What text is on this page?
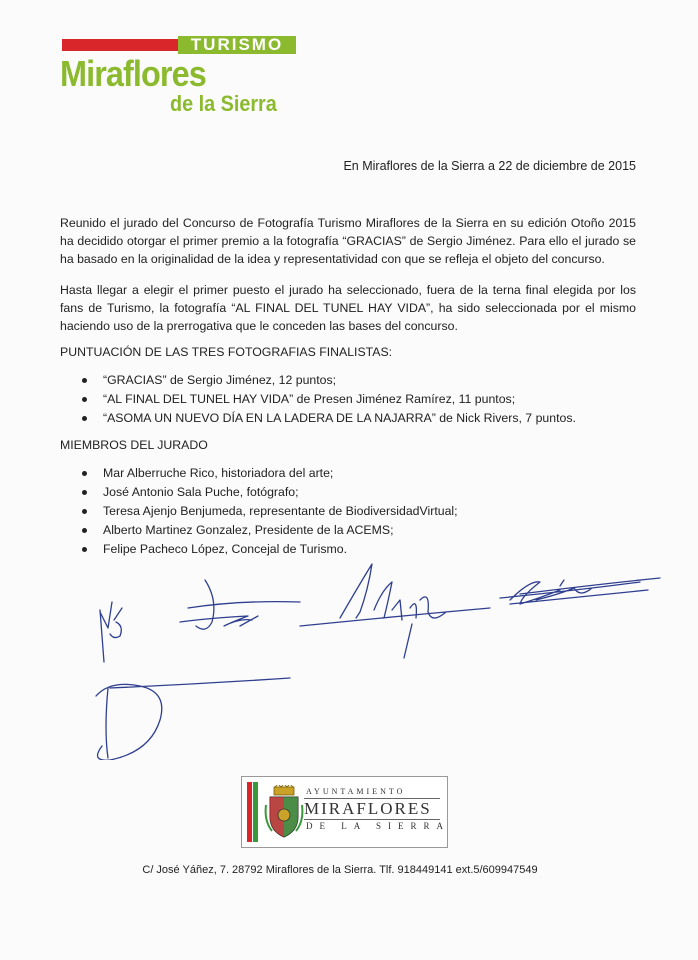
TURISMO
Miraflores
de la Sierra
En Miraflores de la Sierra a 22 de diciembre de 2015

Reunido el jurado del Concurso de Fotografía Turismo Miraflores de la Sierra en su edición Otoño 2015 ha decidido otorgar el primer premio a la fotografía “GRACIAS” de Sergio Jiménez. Para ello el jurado se ha basado en la originalidad de la idea y representatividad con que se refleja el objeto del concurso.

Hasta llegar a elegir el primer puesto el jurado ha seleccionado, fuera de la terna final elegida por los fans de Turismo, la fotografía “AL FINAL DEL TUNEL HAY VIDA”, ha sido seleccionada por el mismo haciendo uso de la prerrogativa que le conceden las bases del concurso.

PUNTUACIÓN DE LAS TRES FOTOGRAFIAS FINALISTAS:

“GRACIAS” de Sergio Jiménez, 12 puntos;
“AL FINAL DEL TUNEL HAY VIDA” de Presen Jiménez Ramírez, 11 puntos;
“ASOMA UN NUEVO DÍA EN LA LADERA DE LA NAJARRA” de Nick Rivers, 7 puntos.

MIEMBROS DEL JURADO

Mar Alberruche Rico, historiadora del arte;
José Antonio Sala Puche, fotógrafo;
Teresa Ajenjo Benjumeda, representante de BiodiversidadVirtual;
Alberto Martinez Gonzalez, Presidente de la ACEMS;
Felipe Pacheco López, Concejal de Turismo.
AYUNTAMIENTO
MIRAFLORES
DE LA SIERRA
C/ José Yáñez, 7. 28792 Miraflores de la Sierra. Tlf. 918449141 ext.5/609947549
